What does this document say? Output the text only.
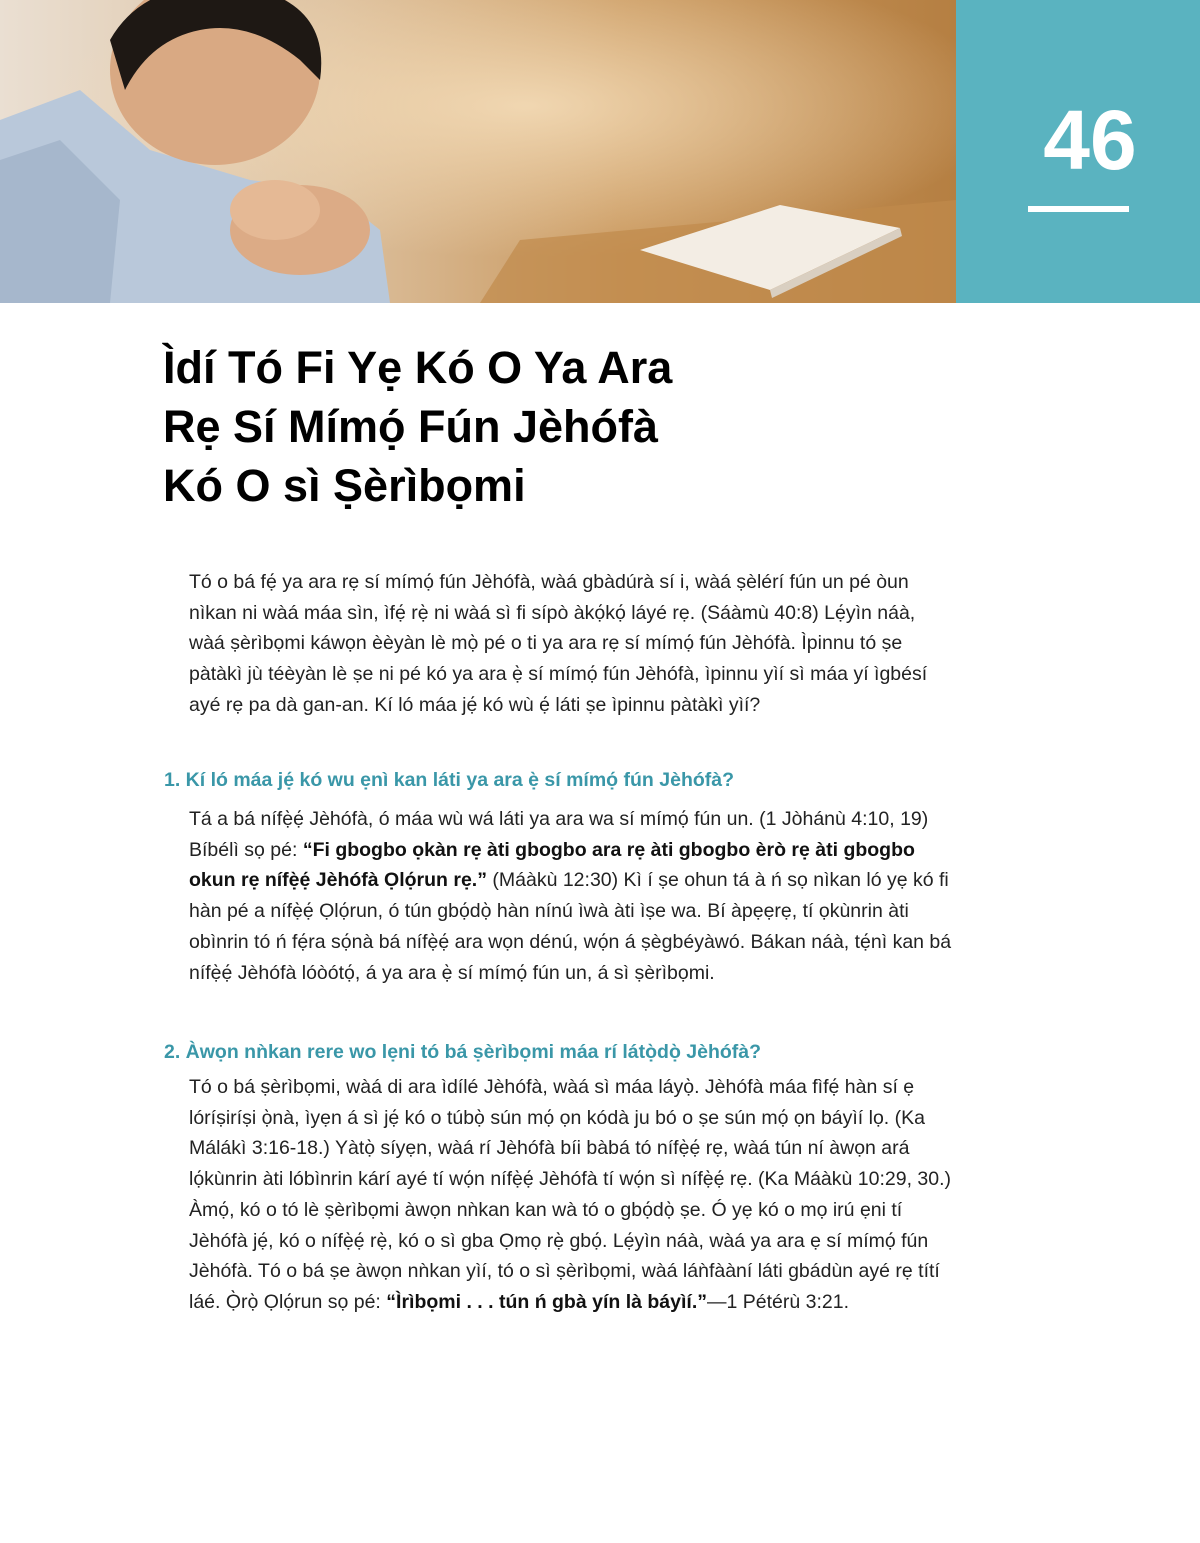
46
Ìdí Tó Fi Yẹ Kó O Ya Ara
Rẹ Sí Mímọ́ Fún Jèhófà
Kó O sì Ṣèrìbọmi

Tó o bá fẹ́ ya ara rẹ sí mímọ́ fún Jèhófà, wàá gbàdúrà sí i, wàá ṣèlérí fún un pé òun nìkan ni wàá máa sìn, ìfẹ́ rẹ̀ ni wàá sì fi sípò àkọ́kọ́ láyé rẹ. (Sáàmù 40:8) Lẹ́yìn náà, wàá ṣèrìbọmi káwọn èèyàn lè mọ̀ pé o ti ya ara rẹ sí mímọ́ fún Jèhófà. Ìpinnu tó ṣe pàtàkì jù téèyàn lè ṣe ni pé kó ya ara ẹ̀ sí mímọ́ fún Jèhófà, ìpinnu yìí sì máa yí ìgbésí ayé rẹ pa dà gan-an. Kí ló máa jẹ́ kó wù ẹ́ láti ṣe ìpinnu pàtàkì yìí?

1. Kí ló máa jẹ́ kó wu ẹnì kan láti ya ara ẹ̀ sí mímọ́ fún Jèhófà?

Tá a bá nífẹ̀ẹ́ Jèhófà, ó máa wù wá láti ya ara wa sí mímọ́ fún un. (1 Jòhánù 4:10, 19) Bíbélì sọ pé: “Fi gbogbo ọkàn rẹ àti gbogbo ara rẹ àti gbogbo èrò rẹ àti gbogbo okun rẹ nífẹ̀ẹ́ Jèhófà Ọlọ́run rẹ.” (Máàkù 12:30) Kì í ṣe ohun tá à ń sọ nìkan ló yẹ kó fi hàn pé a nífẹ̀ẹ́ Ọlọ́run, ó tún gbọ́dọ̀ hàn nínú ìwà àti ìṣe wa. Bí àpẹẹrẹ, tí ọkùnrin àti obìnrin tó ń fẹ́ra sọ́nà bá nífẹ̀ẹ́ ara wọn dénú, wọ́n á ṣègbéyàwó. Bákan náà, tẹ́nì kan bá nífẹ̀ẹ́ Jèhófà lóòótọ́, á ya ara ẹ̀ sí mímọ́ fún un, á sì ṣèrìbọmi.

2. Àwọn nǹkan rere wo lẹni tó bá ṣèrìbọmi máa rí látọ̀dọ̀ Jèhófà?

Tó o bá ṣèrìbọmi, wàá di ara ìdílé Jèhófà, wàá sì máa láyọ̀. Jèhófà máa fìfẹ́ hàn sí ẹ lóríṣiríṣi ọ̀nà, ìyẹn á sì jẹ́ kó o túbọ̀ sún mọ́ ọn kódà ju bó o ṣe sún mọ́ ọn báyìí lọ. (Ka Málákì 3:16-18.) Yàtọ̀ síyẹn, wàá rí Jèhófà bíi bàbá tó nífẹ̀ẹ́ rẹ, wàá tún ní àwọn ará lọ́kùnrin àti lóbìnrin kárí ayé tí wọ́n nífẹ̀ẹ́ Jèhófà tí wọ́n sì nífẹ̀ẹ́ rẹ. (Ka Máàkù 10:29, 30.) Àmọ́, kó o tó lè ṣèrìbọmi àwọn nǹkan kan wà tó o gbọ́dọ̀ ṣe. Ó yẹ kó o mọ irú ẹni tí Jèhófà jẹ́, kó o nífẹ̀ẹ́ rẹ̀, kó o sì gba Ọmọ rẹ̀ gbọ́. Lẹ́yìn náà, wàá ya ara ẹ sí mímọ́ fún Jèhófà. Tó o bá ṣe àwọn nǹkan yìí, tó o sì ṣèrìbọmi, wàá láǹfààní láti gbádùn ayé rẹ títí láé. Ọ̀rọ̀ Ọlọ́run sọ pé: “Ìrìbọmi . . . tún ń gbà yín là báyìí.”—1 Pétérù 3:21.
